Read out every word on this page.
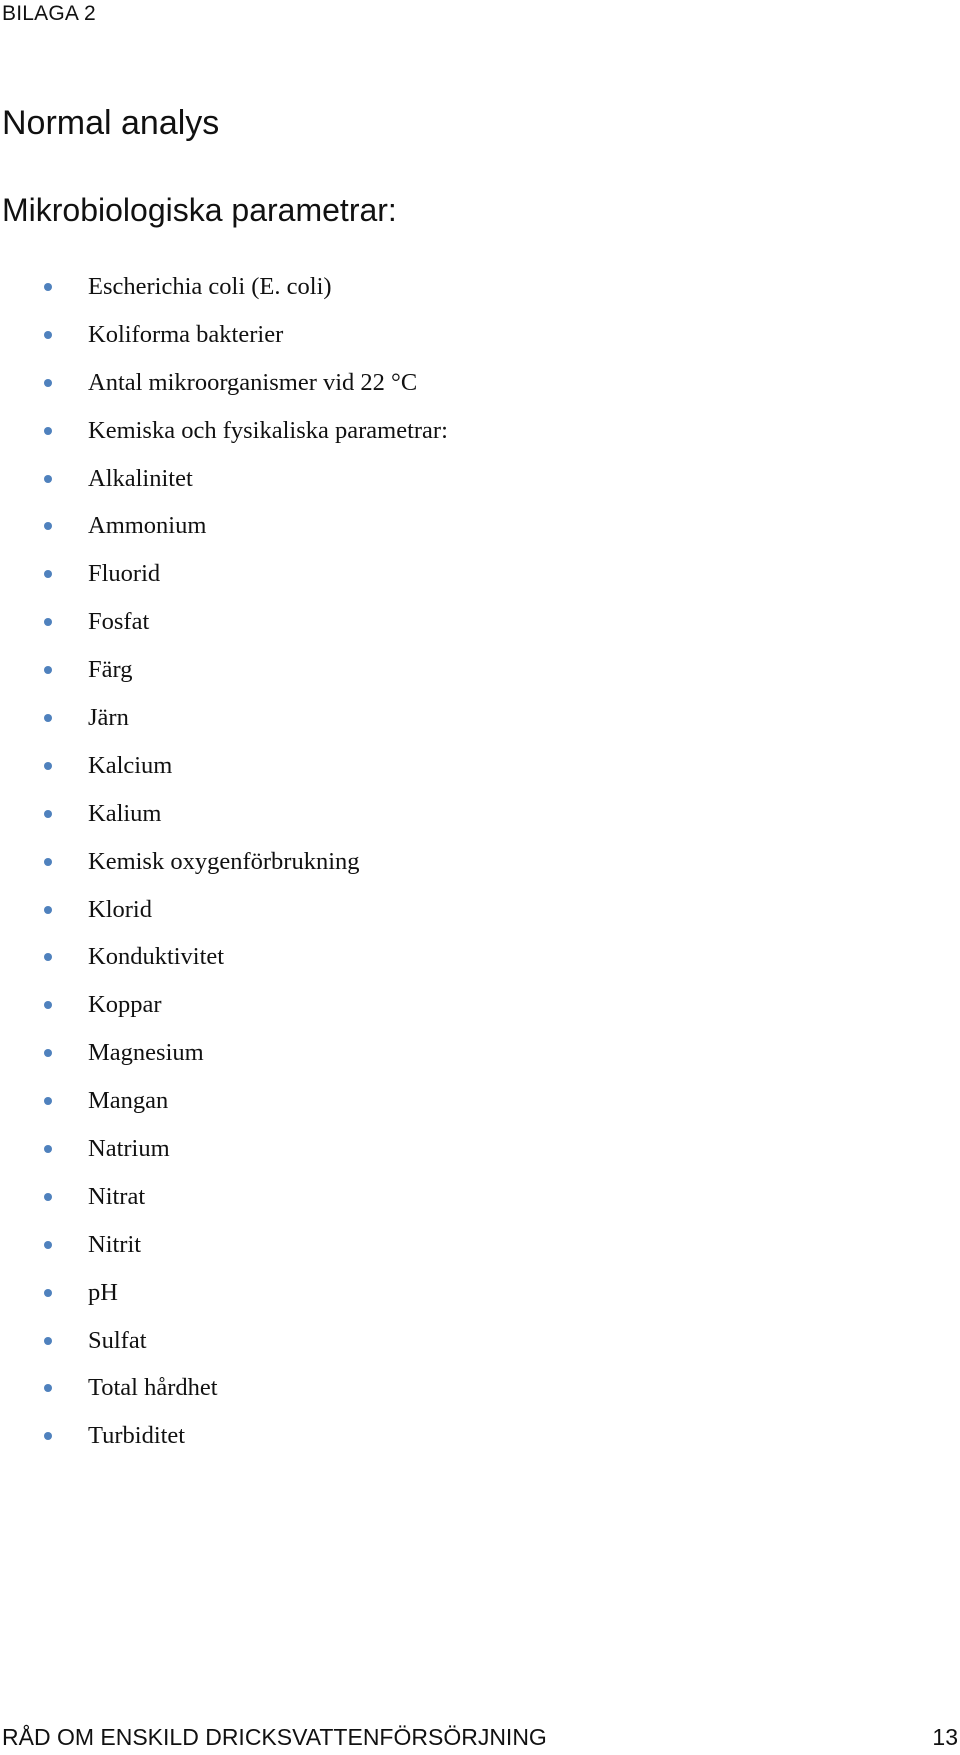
BILAGA 2

Normal analys
Mikrobiologiska parametrar:
Escherichia coli (E. coli)
Koliforma bakterier
Antal mikroorganismer vid 22 °C
Kemiska och fysikaliska parametrar:
Alkalinitet
Ammonium
Fluorid
Fosfat
Färg
Järn
Kalcium
Kalium
Kemisk oxygenförbrukning
Klorid
Konduktivitet
Koppar
Magnesium
Mangan
Natrium
Nitrat
Nitrit
pH
Sulfat
Total hårdhet
Turbiditet
RÅD OM ENSKILD DRICKSVATTENFÖRSÖRJNING	13
